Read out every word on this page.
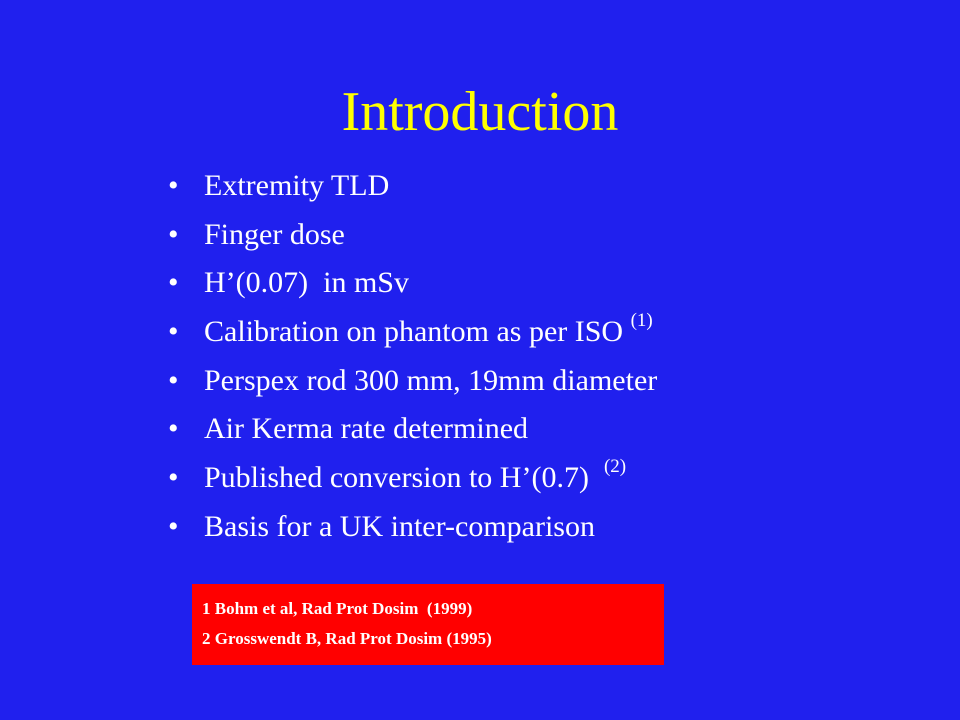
Introduction
• Extremity TLD
• Finger dose
• H’(0.07)  in mSv
• Calibration on phantom as per ISO $^{(1)}$
• Perspex rod 300 mm, 19mm diameter
• Air Kerma rate determined
• Published conversion to H’(0.7)  $^{(2)}$
• Basis for a UK inter-comparison
1 Bohm et al, Rad Prot Dosim  (1999)
2 Grosswendt B, Rad Prot Dosim (1995)
